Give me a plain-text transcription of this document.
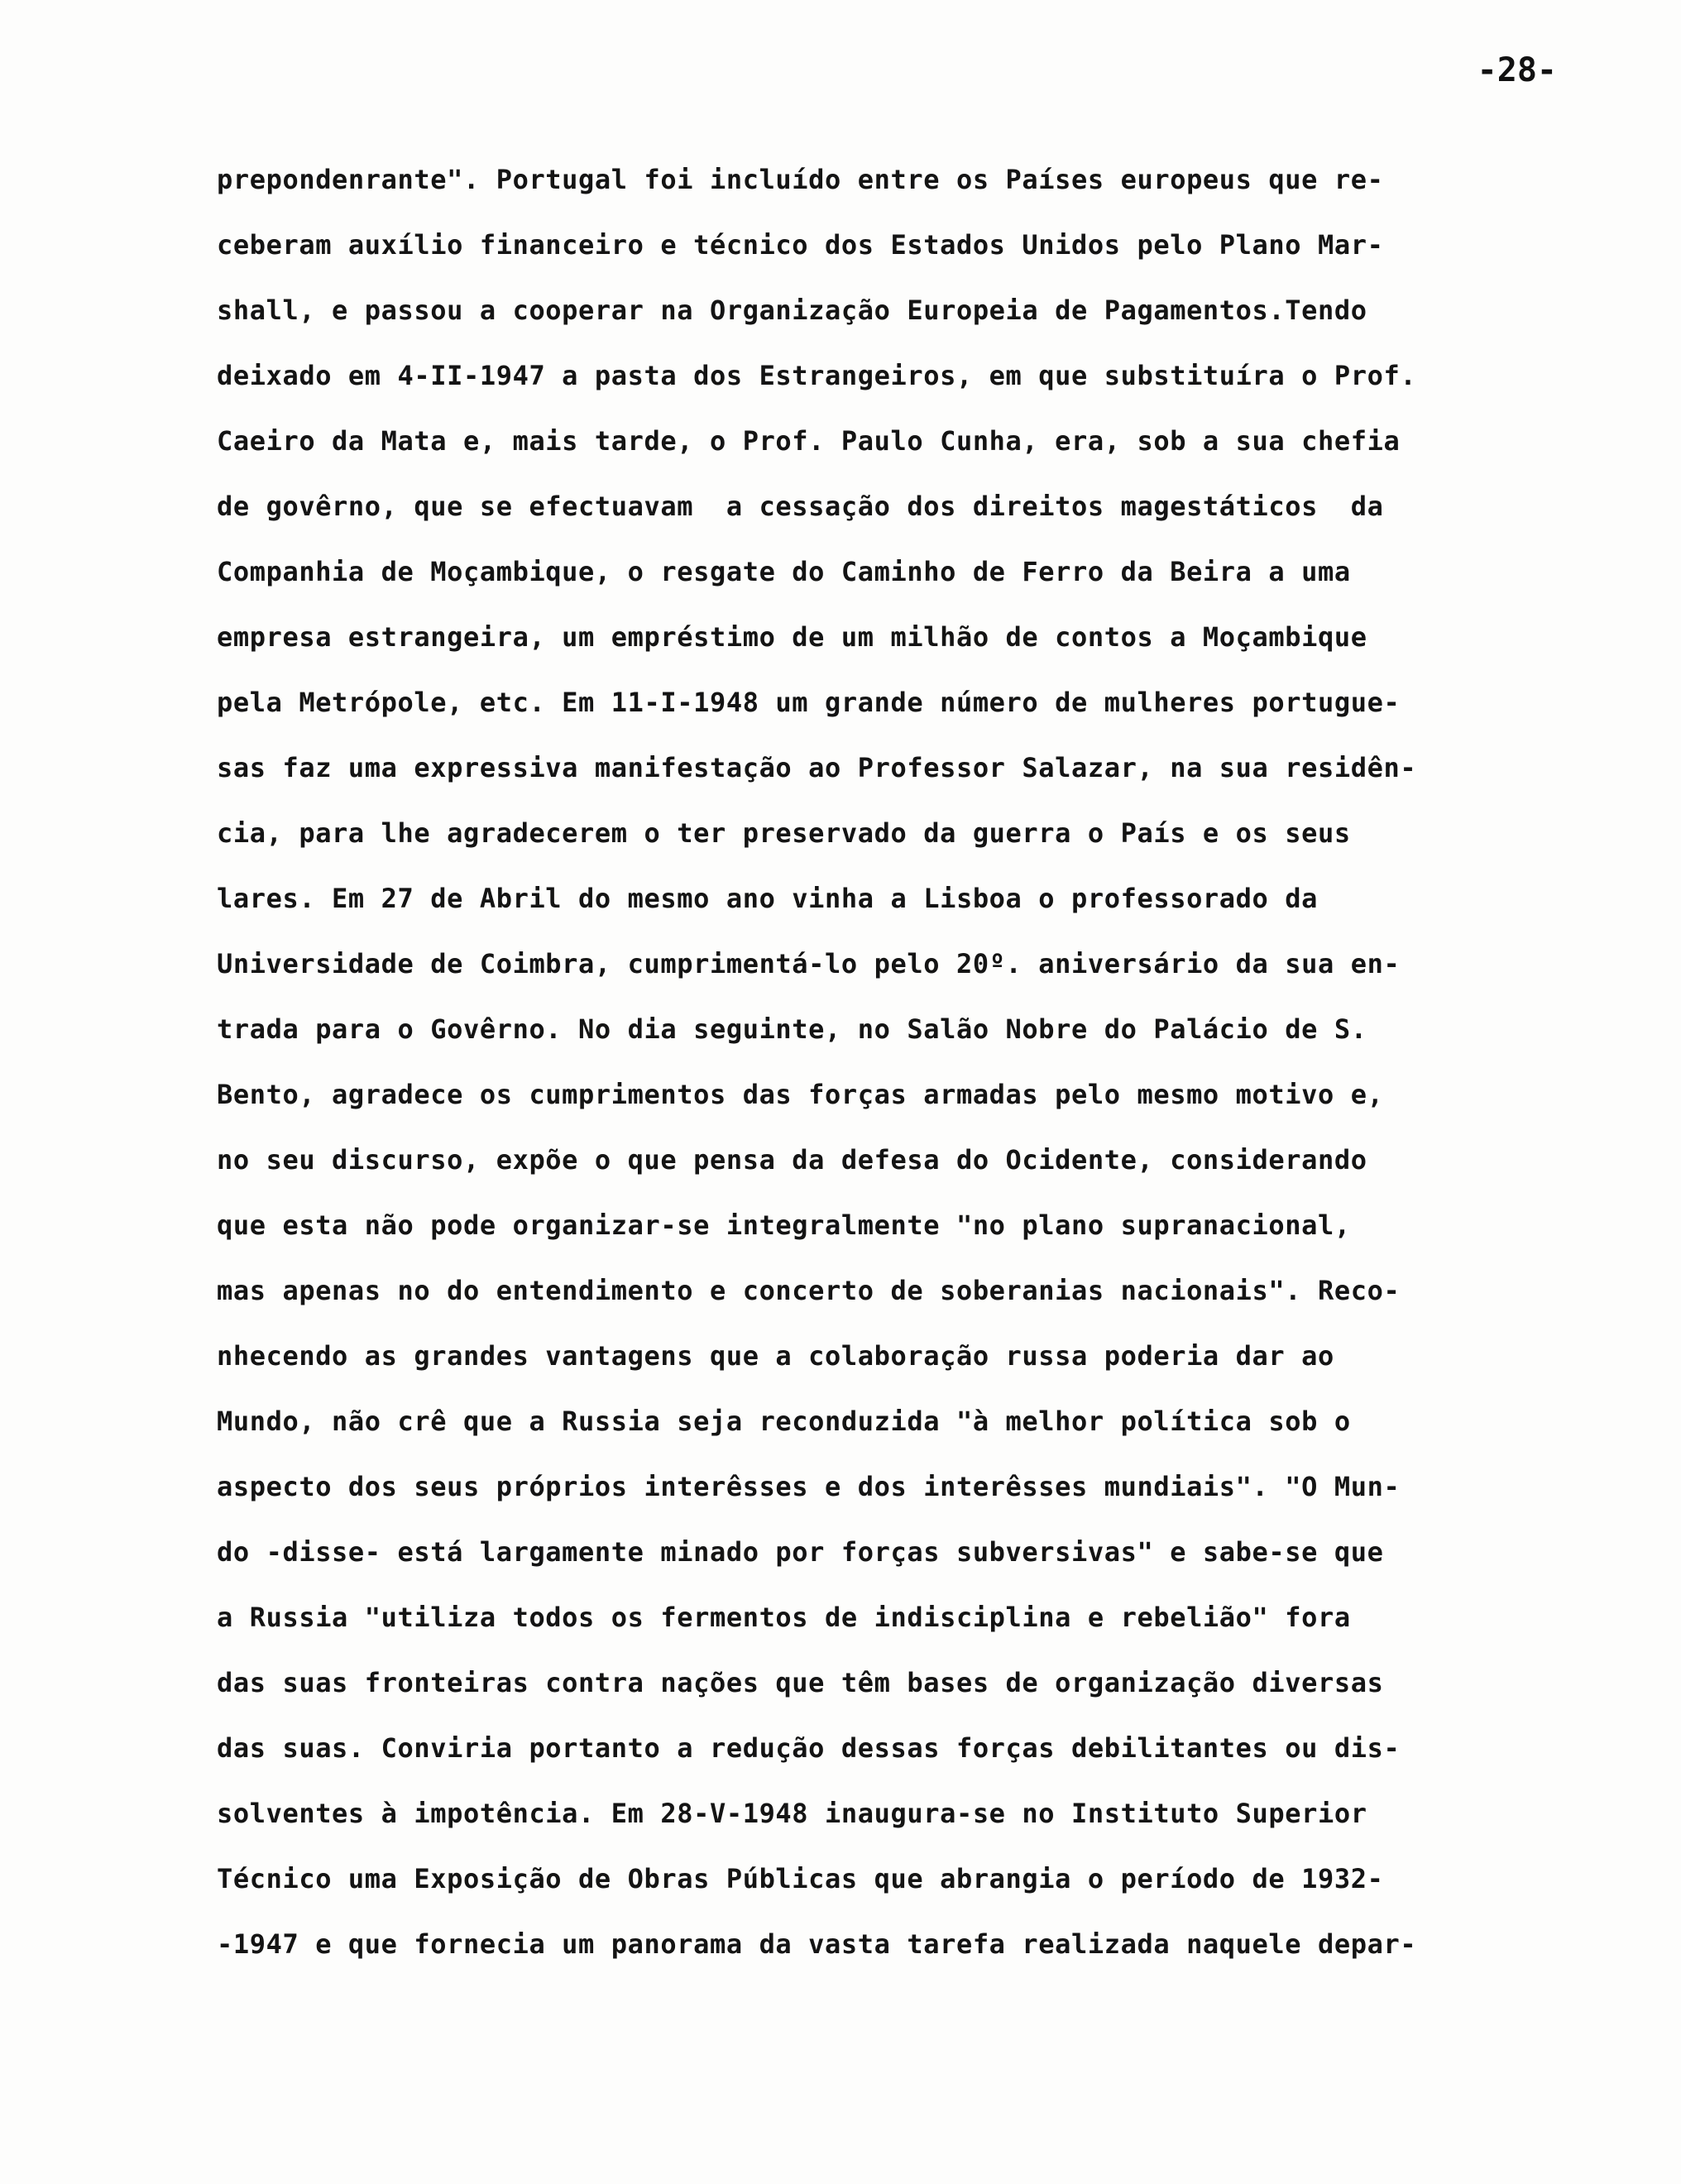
-28-
prepondenrante". Portugal foi incluído entre os Países europeus que re-
ceberam auxílio financeiro e técnico dos Estados Unidos pelo Plano Mar-
shall, e passou a cooperar na Organização Europeia de Pagamentos.Tendo
deixado em 4-II-1947 a pasta dos Estrangeiros, em que substituíra o Prof.
Caeiro da Mata e, mais tarde, o Prof. Paulo Cunha, era, sob a sua chefia
de govêrno, que se efectuavam  a cessação dos direitos magestáticos  da
Companhia de Moçambique, o resgate do Caminho de Ferro da Beira a uma
empresa estrangeira, um empréstimo de um milhão de contos a Moçambique
pela Metrópole, etc. Em 11-I-1948 um grande número de mulheres portugue-
sas faz uma expressiva manifestação ao Professor Salazar, na sua residên-
cia, para lhe agradecerem o ter preservado da guerra o País e os seus
lares. Em 27 de Abril do mesmo ano vinha a Lisboa o professorado da
Universidade de Coimbra, cumprimentá-lo pelo 20º. aniversário da sua en-
trada para o Govêrno. No dia seguinte, no Salão Nobre do Palácio de S.
Bento, agradece os cumprimentos das forças armadas pelo mesmo motivo e,
no seu discurso, expõe o que pensa da defesa do Ocidente, considerando
que esta não pode organizar-se integralmente "no plano supranacional,
mas apenas no do entendimento e concerto de soberanias nacionais". Reco-
nhecendo as grandes vantagens que a colaboração russa poderia dar ao
Mundo, não crê que a Russia seja reconduzida "à melhor política sob o
aspecto dos seus próprios interêsses e dos interêsses mundiais". "O Mun-
do -disse- está largamente minado por forças subversivas" e sabe-se que
a Russia "utiliza todos os fermentos de indisciplina e rebelião" fora
das suas fronteiras contra nações que têm bases de organização diversas
das suas. Conviria portanto a redução dessas forças debilitantes ou dis-
solventes à impotência. Em 28-V-1948 inaugura-se no Instituto Superior
Técnico uma Exposição de Obras Públicas que abrangia o período de 1932-
-1947 e que fornecia um panorama da vasta tarefa realizada naquele depar-
